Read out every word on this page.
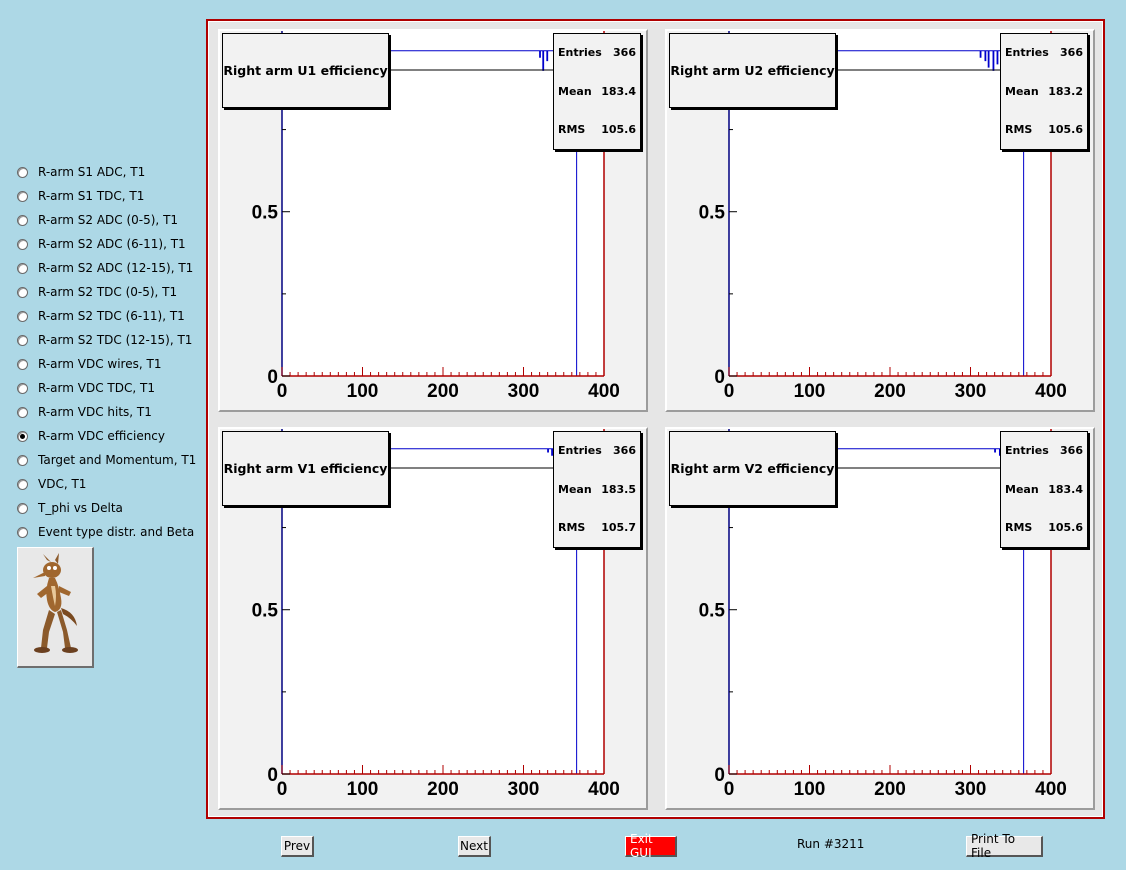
R-arm S1 ADC, T1
R-arm S1 TDC, T1
R-arm S2 ADC (0-5), T1
R-arm S2 ADC (6-11), T1
R-arm S2 ADC (12-15), T1
R-arm S2 TDC (0-5), T1
R-arm S2 TDC (6-11), T1
R-arm S2 TDC (12-15), T1
R-arm VDC wires, T1
R-arm VDC TDC, T1
R-arm VDC hits, T1
R-arm VDC efficiency
Target and Momentum, T1
VDC, T1
T_phi vs Delta
Event type distr. and Beta
0	100	200	300	400
0
0.5
Right arm U1 efficiency
Entries 366
Mean 183.4
RMS 105.6
0	100	200	300	400
0
0.5
Right arm U2 efficiency
Entries 366
Mean 183.2
RMS 105.6
0	100	200	300	400
0
0.5
Right arm V1 efficiency
Entries 366
Mean 183.5
RMS 105.7
0	100	200	300	400
0
0.5
Right arm V2 efficiency
Entries 366
Mean 183.4
RMS 105.6
Prev	Next	Exit GUI
Run #3211	Print To File
